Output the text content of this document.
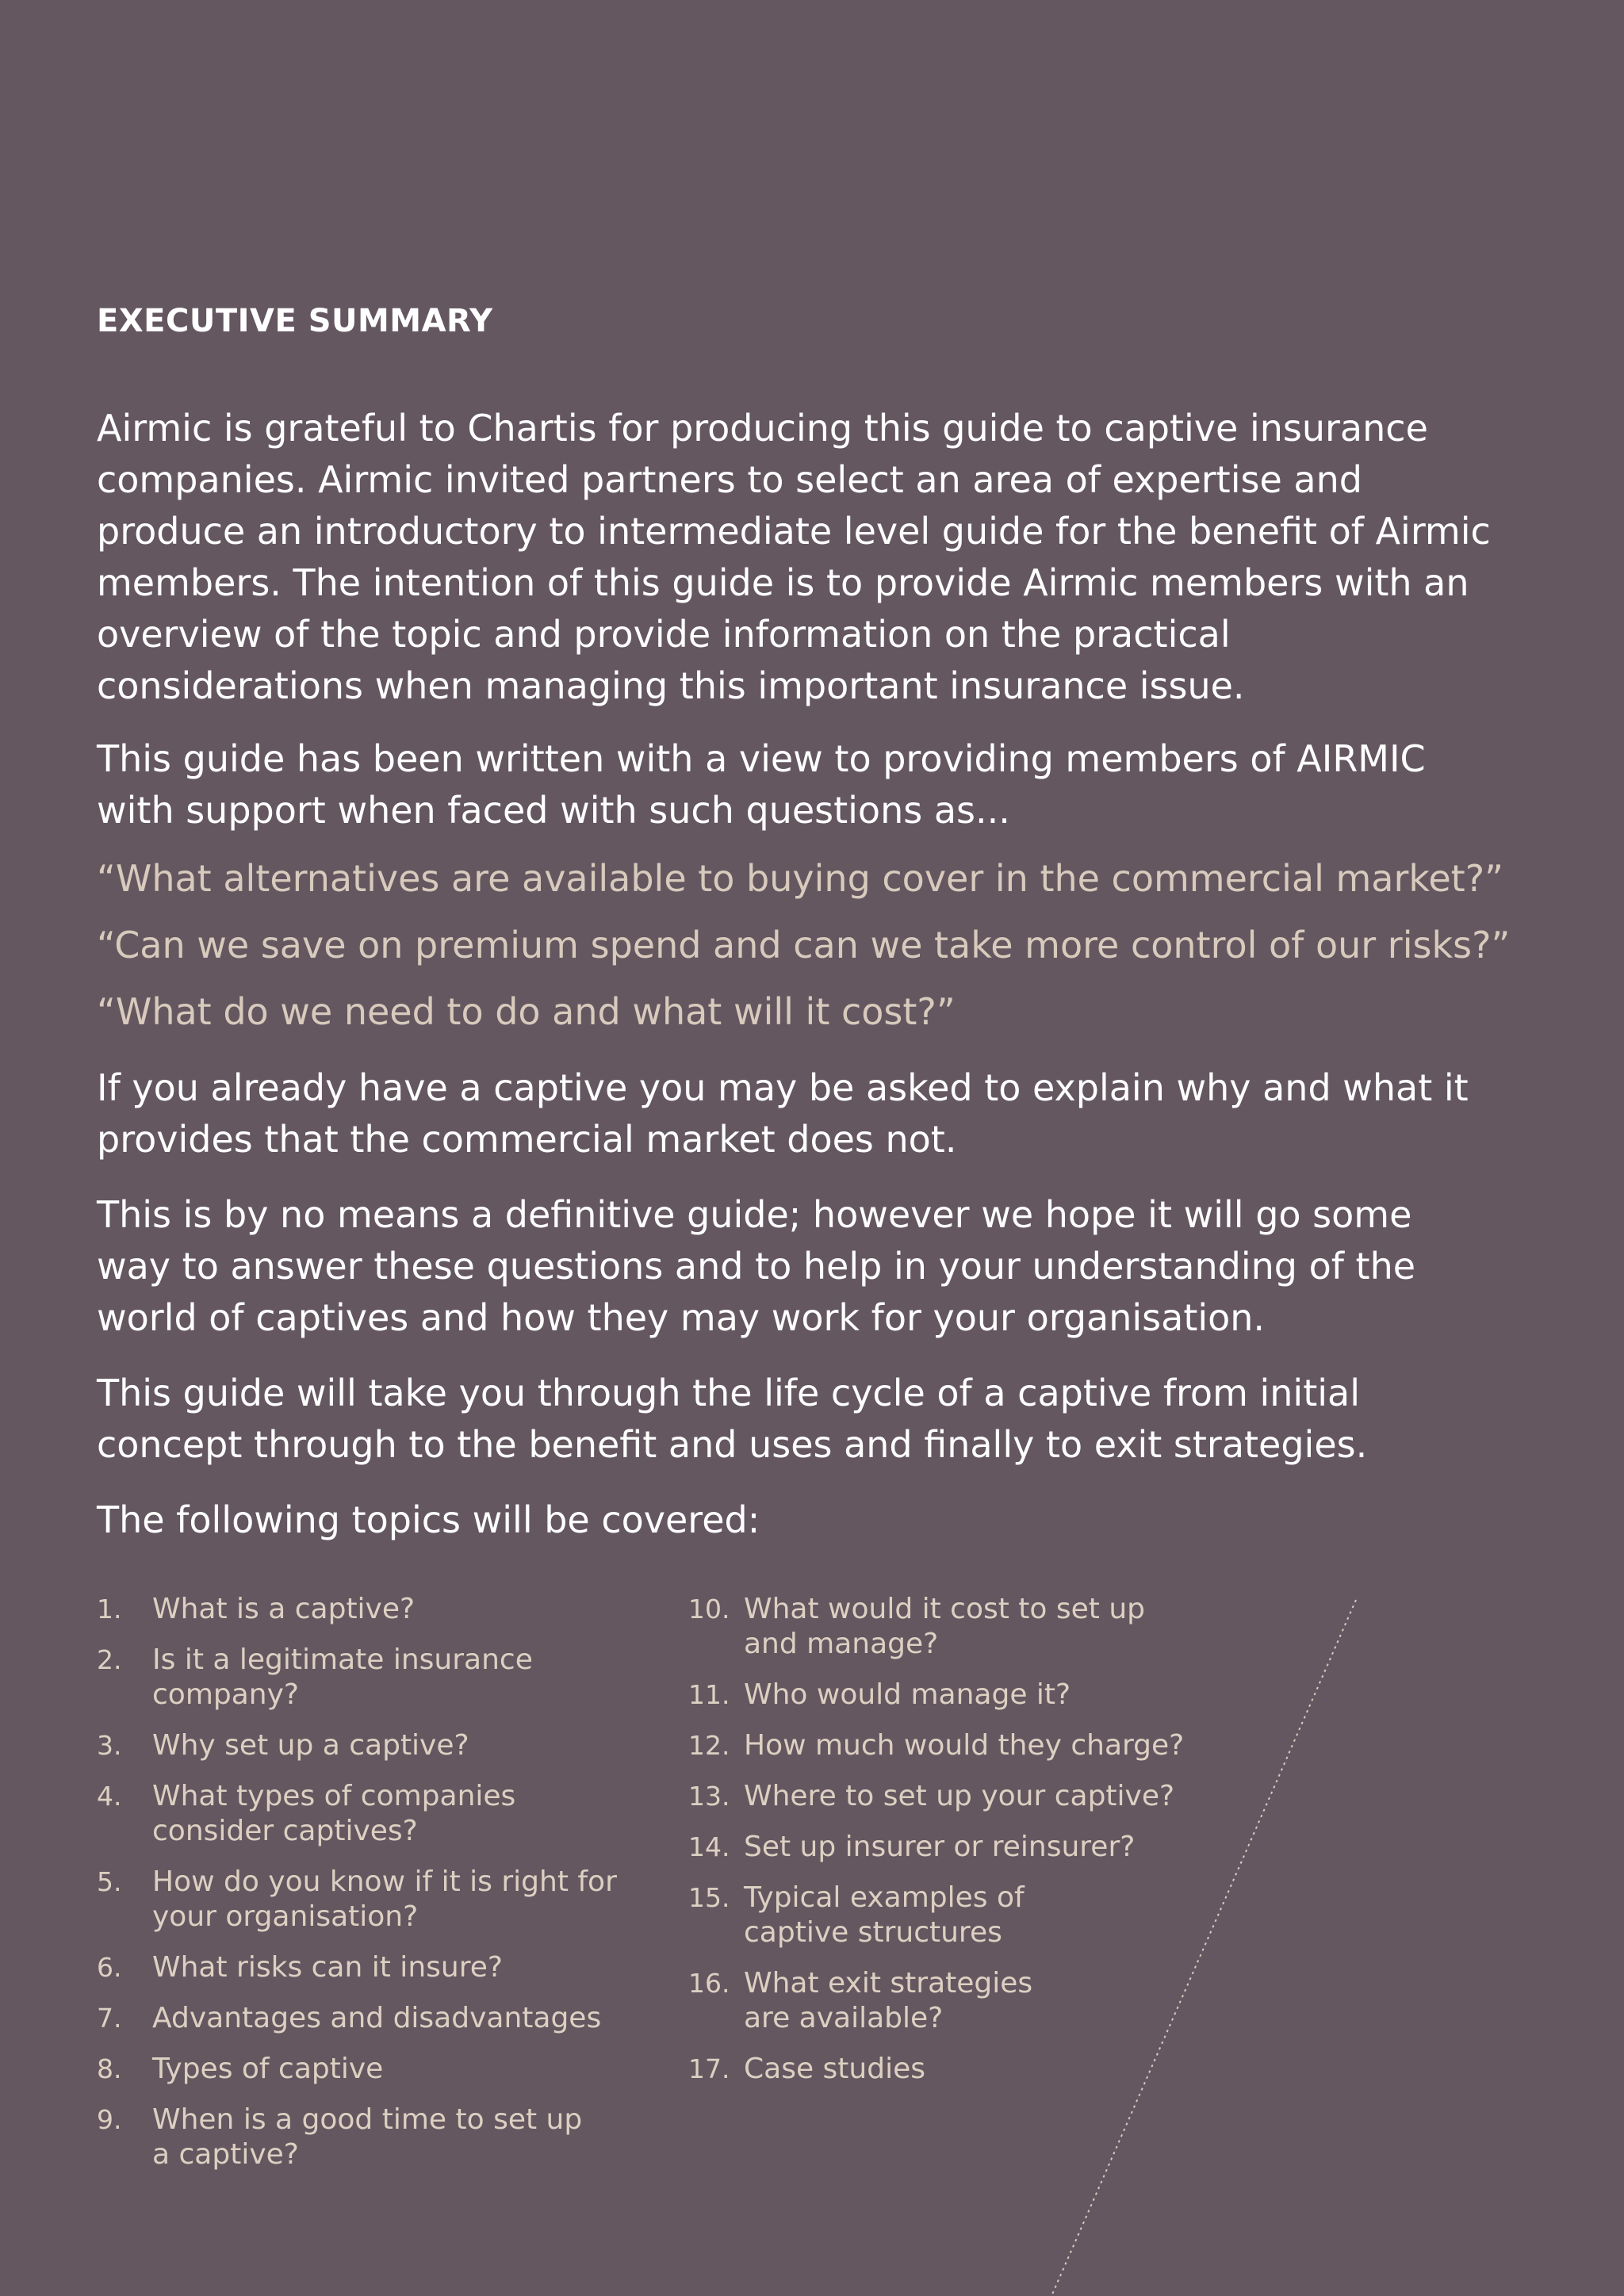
EXECUTIVE SUMMARY
Airmic is grateful to Chartis for producing this guide to captive insurance companies. Airmic invited partners to select an area of expertise and produce an introductory to intermediate level guide for the benefit of Airmic members. The intention of this guide is to provide Airmic members with an overview of the topic and provide information on the practical considerations when managing this important insurance issue.
This guide has been written with a view to providing members of AIRMIC with support when faced with such questions as...
“What alternatives are available to buying cover in the commercial market?”
“Can we save on premium spend and can we take more control of our risks?”
“What do we need to do and what will it cost?”
If you already have a captive you may be asked to explain why and what it provides that the commercial market does not.
This is by no means a definitive guide; however we hope it will go some way to answer these questions and to help in your understanding of the world of captives and how they may work for your organisation.
This guide will take you through the life cycle of a captive from initial concept through to the benefit and uses and finally to exit strategies.
The following topics will be covered:
1. What is a captive?
2. Is it a legitimate insurance company?
3. Why set up a captive?
4. What types of companies consider captives?
5. How do you know if it is right for your organisation?
6. What risks can it insure?
7. Advantages and disadvantages
8. Types of captive
9. When is a good time to set up a captive?
10. What would it cost to set up and manage?
11. Who would manage it?
12. How much would they charge?
13. Where to set up your captive?
14. Set up insurer or reinsurer?
15. Typical examples of captive structures
16. What exit strategies are available?
17. Case studies
